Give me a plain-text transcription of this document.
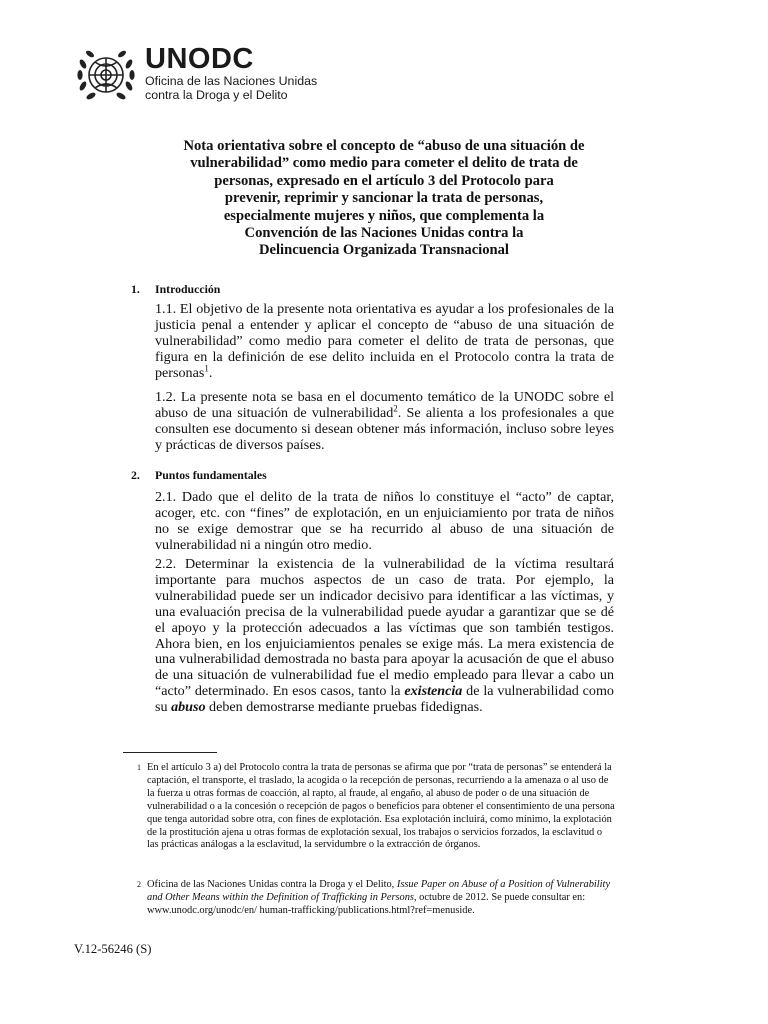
UNODC
Oficina de las Naciones Unidas
contra la Droga y el Delito
Nota orientativa sobre el concepto de “abuso de una situación de
vulnerabilidad” como medio para cometer el delito de trata de
personas, expresado en el artículo 3 del Protocolo para
prevenir, reprimir y sancionar la trata de personas,
especialmente mujeres y niños, que complementa la
Convención de las Naciones Unidas contra la
Delincuencia Organizada Transnacional
1. Introducción
1.1. El objetivo de la presente nota orientativa es ayudar a los profesionales de la justicia penal a entender y aplicar el concepto de “abuso de una situación de vulnerabilidad” como medio para cometer el delito de trata de personas, que figura en la definición de ese delito incluida en el Protocolo contra la trata de personas$^1$.
1.2. La presente nota se basa en el documento temático de la UNODC sobre el abuso de una situación de vulnerabilidad$^2$. Se alienta a los profesionales a que consulten ese documento si desean obtener más información, incluso sobre leyes y prácticas de diversos países.
2. Puntos fundamentales
2.1. Dado que el delito de la trata de niños lo constituye el “acto” de captar, acoger, etc. con “fines” de explotación, en un enjuiciamiento por trata de niños no se exige demostrar que se ha recurrido al abuso de una situación de vulnerabilidad ni a ningún otro medio.
2.2. Determinar la existencia de la vulnerabilidad de la víctima resultará importante para muchos aspectos de un caso de trata. Por ejemplo, la vulnerabilidad puede ser un indicador decisivo para identificar a las víctimas, y una evaluación precisa de la vulnerabilidad puede ayudar a garantizar que se dé el apoyo y la protección adecuados a las víctimas que son también testigos. Ahora bien, en los enjuiciamientos penales se exige más. La mera existencia de una vulnerabilidad demostrada no basta para apoyar la acusación de que el abuso de una situación de vulnerabilidad fue el medio empleado para llevar a cabo un “acto” determinado. En esos casos, tanto la existencia de la vulnerabilidad como su abuso deben demostrarse mediante pruebas fidedignas.
1 En el artículo 3 a) del Protocolo contra la trata de personas se afirma que por “trata de personas” se entenderá la captación, el transporte, el traslado, la acogida o la recepción de personas, recurriendo a la amenaza o al uso de la fuerza u otras formas de coacción, al rapto, al fraude, al engaño, al abuso de poder o de una situación de vulnerabilidad o a la concesión o recepción de pagos o beneficios para obtener el consentimiento de una persona que tenga autoridad sobre otra, con fines de explotación. Esa explotación incluirá, como mínimo, la explotación de la prostitución ajena u otras formas de explotación sexual, los trabajos o servicios forzados, la esclavitud o las prácticas análogas a la esclavitud, la servidumbre o la extracción de órganos.
2 Oficina de las Naciones Unidas contra la Droga y el Delito, Issue Paper on Abuse of a Position of Vulnerability and Other Means within the Definition of Trafficking in Persons, octubre de 2012. Se puede consultar en: www.unodc.org/unodc/en/ human-trafficking/publications.html?ref=menuside.
V.12-56246 (S)
